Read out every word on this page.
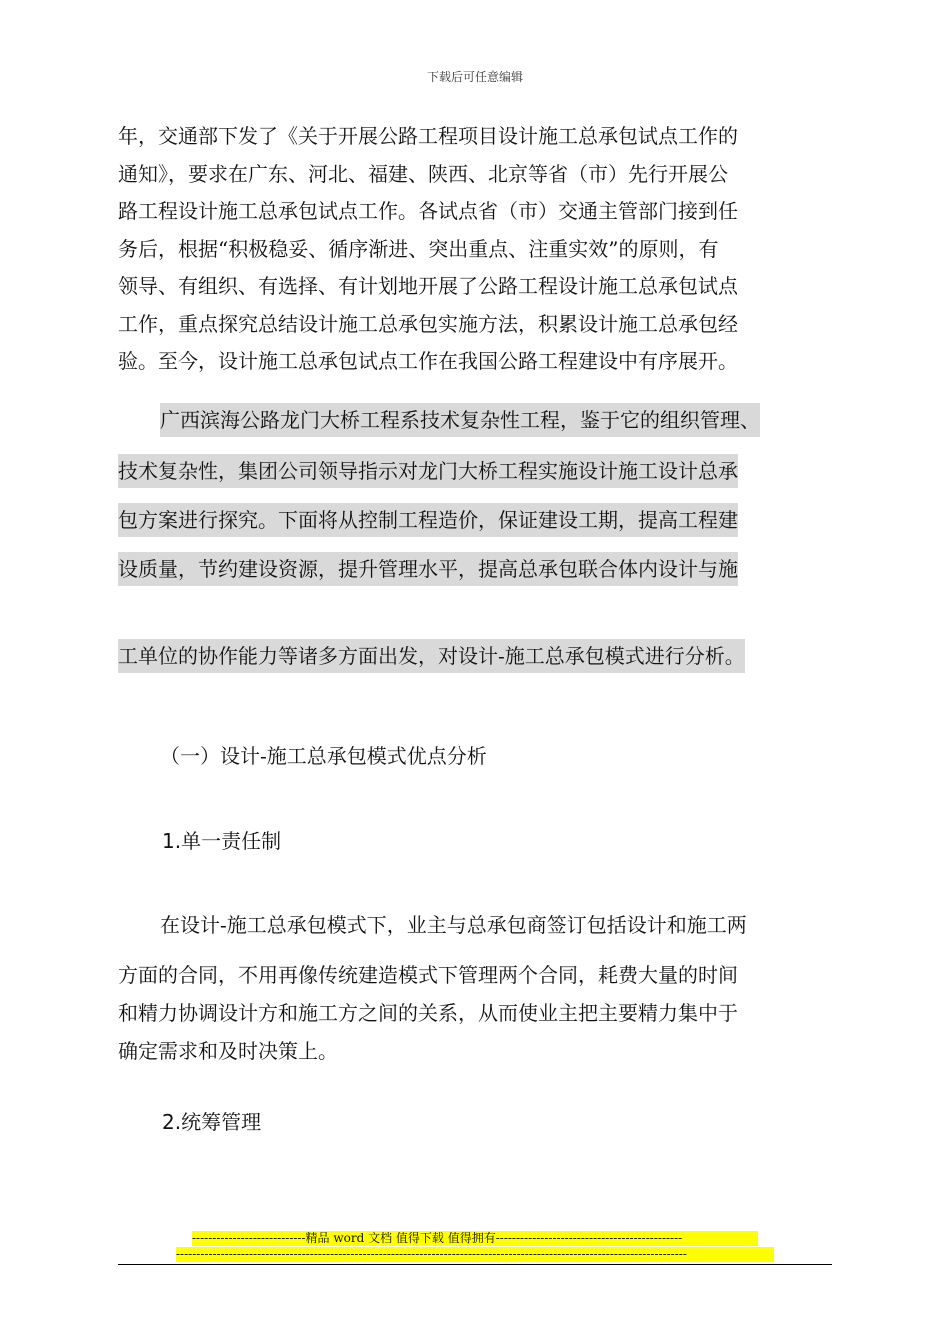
下载后可任意编辑
年，交通部下发了《关于开展公路工程项目设计施工总承包试点工作的
通知》，要求在广东、河北、福建、陕西、北京等省（市）先行开展公
路工程设计施工总承包试点工作。各试点省（市）交通主管部门接到任
务后，根据“积极稳妥、循序渐进、突出重点、注重实效”的原则，有
领导、有组织、有选择、有计划地开展了公路工程设计施工总承包试点
工作，重点探究总结设计施工总承包实施方法，积累设计施工总承包经
验。至今，设计施工总承包试点工作在我国公路工程建设中有序展开。
广西滨海公路龙门大桥工程系技术复杂性工程，鉴于它的组织管理、
技术复杂性，集团公司领导指示对龙门大桥工程实施设计施工设计总承
包方案进行探究。下面将从控制工程造价，保证建设工期，提高工程建
设质量，节约建设资源，提升管理水平，提高总承包联合体内设计与施
工单位的协作能力等诸多方面出发，对设计-施工总承包模式进行分析。
（一）设计-施工总承包模式优点分析
1.单一责任制
在设计-施工总承包模式下，业主与总承包商签订包括设计和施工两
方面的合同，不用再像传统建造模式下管理两个合同，耗费大量的时间
和精力协调设计方和施工方之间的关系，从而使业主把主要精力集中于
确定需求和及时决策上。
2.统筹管理
----------------------------精品 word 文档 值得下载 值得拥有----------------------------------------------
------------------------------------------------------------------------------------------------------------------------------
